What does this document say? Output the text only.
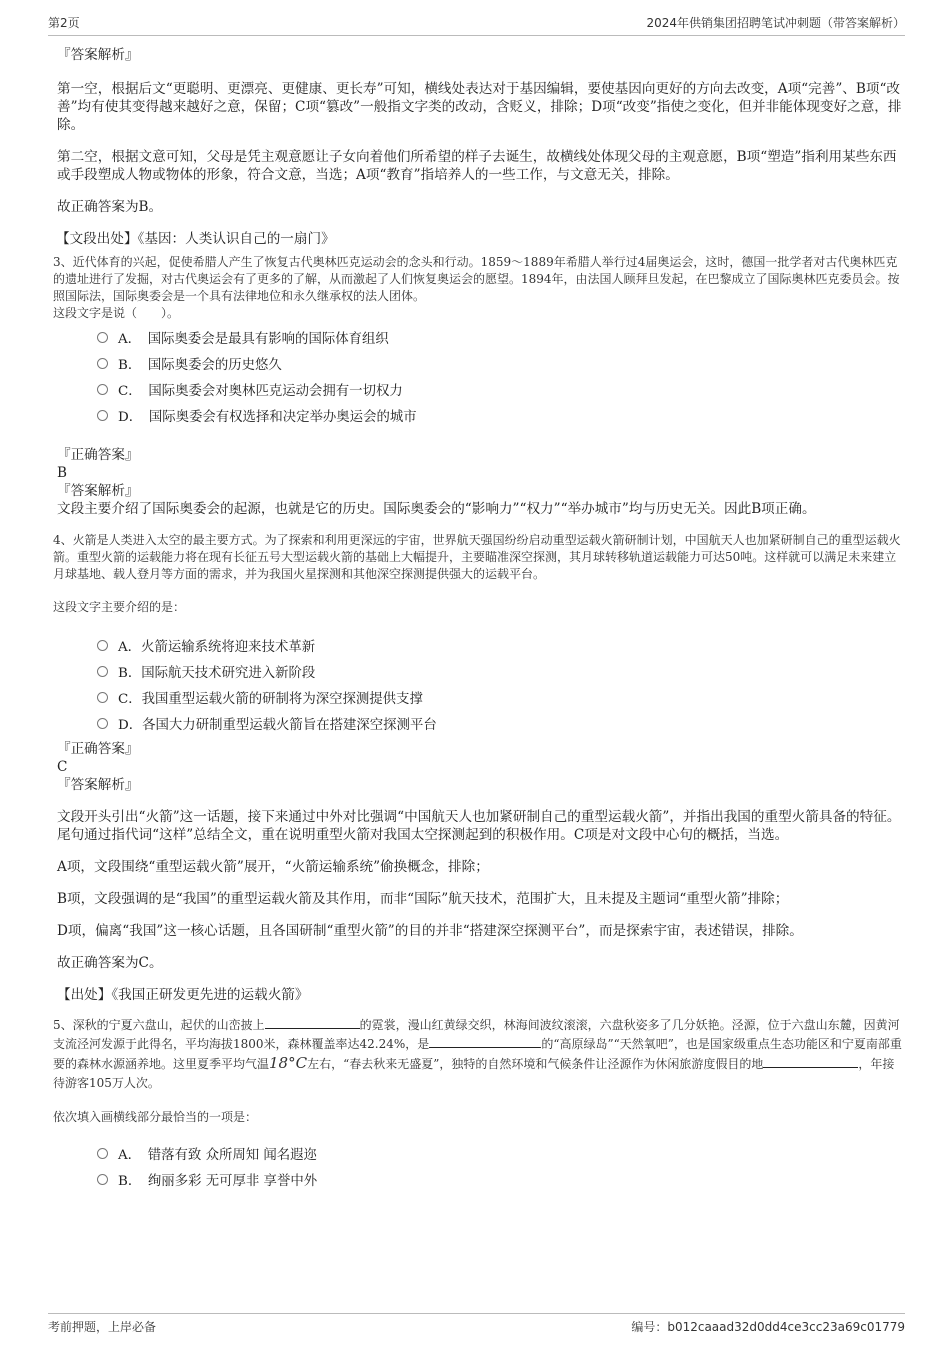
第2页	2024年供销集团招聘笔试冲刺题（带答案解析）

『答案解析』

第一空，根据后文“更聪明、更漂亮、更健康、更长寿”可知，横线处表达对于基因编辑，要使基因向更好的方向去改变，A项“完善”、B项“改善”均有使其变得越来越好之意，保留；C项“篡改”一般指文字类的改动，含贬义，排除；D项“改变”指使之变化，但并非能体现变好之意，排除。

第二空，根据文意可知，父母是凭主观意愿让子女向着他们所希望的样子去诞生，故横线处体现父母的主观意愿，B项“塑造”指利用某些东西或手段塑成人物或物体的形象，符合文意，当选；A项“教育”指培养人的一些工作，与文意无关，排除。

故正确答案为B。

【文段出处】《基因：人类认识自己的一扇门》

3、近代体育的兴起，促使希腊人产生了恢复古代奥林匹克运动会的念头和行动。1859～1889年希腊人举行过4届奥运会，这时，德国一批学者对古代奥林匹克的遗址进行了发掘，对古代奥运会有了更多的了解，从而激起了人们恢复奥运会的愿望。1894年，由法国人顾拜旦发起，在巴黎成立了国际奥林匹克委员会。按照国际法，国际奥委会是一个具有法律地位和永久继承权的法人团体。

这段文字是说（　　）。

A．　国际奥委会是最具有影响的国际体育组织
B．　国际奥委会的历史悠久
C．　国际奥委会对奥林匹克运动会拥有一切权力
D．　国际奥委会有权选择和决定举办奥运会的城市

『正确答案』

B

『答案解析』

文段主要介绍了国际奥委会的起源，也就是它的历史。国际奥委会的“影响力”“权力”“举办城市”均与历史无关。因此B项正确。

4、火箭是人类进入太空的最主要方式。为了探索和利用更深远的宇宙，世界航天强国纷纷启动重型运载火箭研制计划，中国航天人也加紧研制自己的重型运载火箭。重型火箭的运载能力将在现有长征五号大型运载火箭的基础上大幅提升，主要瞄准深空探测，其月球转移轨道运载能力可达50吨。这样就可以满足未来建立月球基地、载人登月等方面的需求，并为我国火星探测和其他深空探测提供强大的运载平台。

这段文字主要介绍的是：

A．火箭运输系统将迎来技术革新
B．国际航天技术研究进入新阶段
C．我国重型运载火箭的研制将为深空探测提供支撑
D．各国大力研制重型运载火箭旨在搭建深空探测平台

『正确答案』

C

『答案解析』

文段开头引出“火箭”这一话题，接下来通过中外对比强调“中国航天人也加紧研制自己的重型运载火箭”，并指出我国的重型火箭具备的特征。尾句通过指代词“这样”总结全文，重在说明重型火箭对我国太空探测起到的积极作用。C项是对文段中心句的概括，当选。

A项，文段围绕“重型运载火箭”展开，“火箭运输系统”偷换概念，排除；

B项，文段强调的是“我国”的重型运载火箭及其作用，而非“国际”航天技术，范围扩大，且未提及主题词“重型火箭”排除；

D项，偏离“我国”这一核心话题，且各国研制“重型火箭”的目的并非“搭建深空探测平台”，而是探索宇宙，表述错误，排除。

故正确答案为C。

【出处】《我国正研发更先进的运载火箭》

5、深秋的宁夏六盘山，起伏的山峦披上	的霓裳，漫山红黄绿交织，林海间波纹滚滚，六盘秋姿多了几分妖艳。泾源，位于六盘山东麓，因黄河支流泾河发源于此得名，平均海拔1800米，森林覆盖率达42.24%，是	的“高原绿岛”“天然氧吧”，也是国家级重点生态功能区和宁夏南部重要的森林水源涵养地。这里夏季平均气温18°C左右，“春去秋来无盛夏”，独特的自然环境和气候条件让泾源作为休闲旅游度假目的地	，年接待游客105万人次。

依次填入画横线部分最恰当的一项是：

A．　错落有致 众所周知 闻名遐迩
B．　绚丽多彩 无可厚非 享誉中外
考前押题，上岸必备	编号：b012caaad32d0dd4ce3cc23a69c01779
